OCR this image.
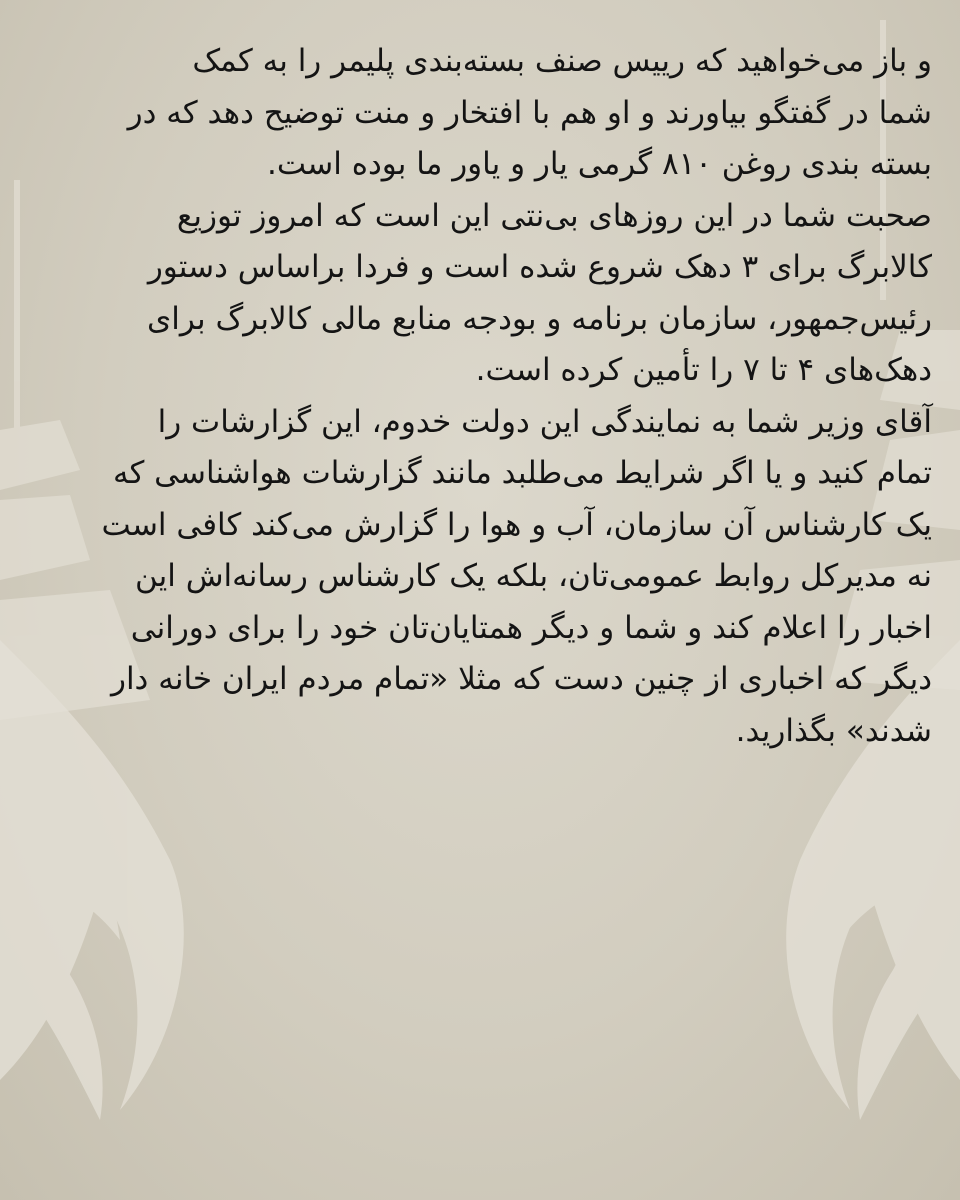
و باز می‌خواهید که رییس صنف بسته‌بندی پلیمر را به کمک
شما در گفتگو بیاورند و او هم با افتخار و منت توضیح دهد که در
بسته بندی روغن ۸۱۰ گرمی یار و یاور ما بوده است.
صحبت شما در این روزهای بی‌نتی این است که امروز توزیع
کالابرگ برای ۳ دهک شروع شده است و فردا براساس دستور
رئیس‌جمهور، سازمان برنامه و بودجه منابع مالی کالابرگ برای
دهک‌های ۴ تا ۷ را تأمین کرده است.
آقای وزیر شما به نمایندگی این دولت خدوم، این گزارشات را
تمام کنید و یا اگر شرایط می‌طلبد مانند گزارشات هواشناسی که
یک کارشناس آن سازمان، آب و هوا را گزارش می‌کند کافی است
نه مدیرکل روابط عمومی‌تان، بلکه یک کارشناس رسانه‌اش این
اخبار را اعلام کند و شما و دیگر همتایان‌تان خود را برای دورانی
دیگر که اخباری از چنین دست که مثلا «تمام مردم ایران خانه دار
شدند» بگذارید.
